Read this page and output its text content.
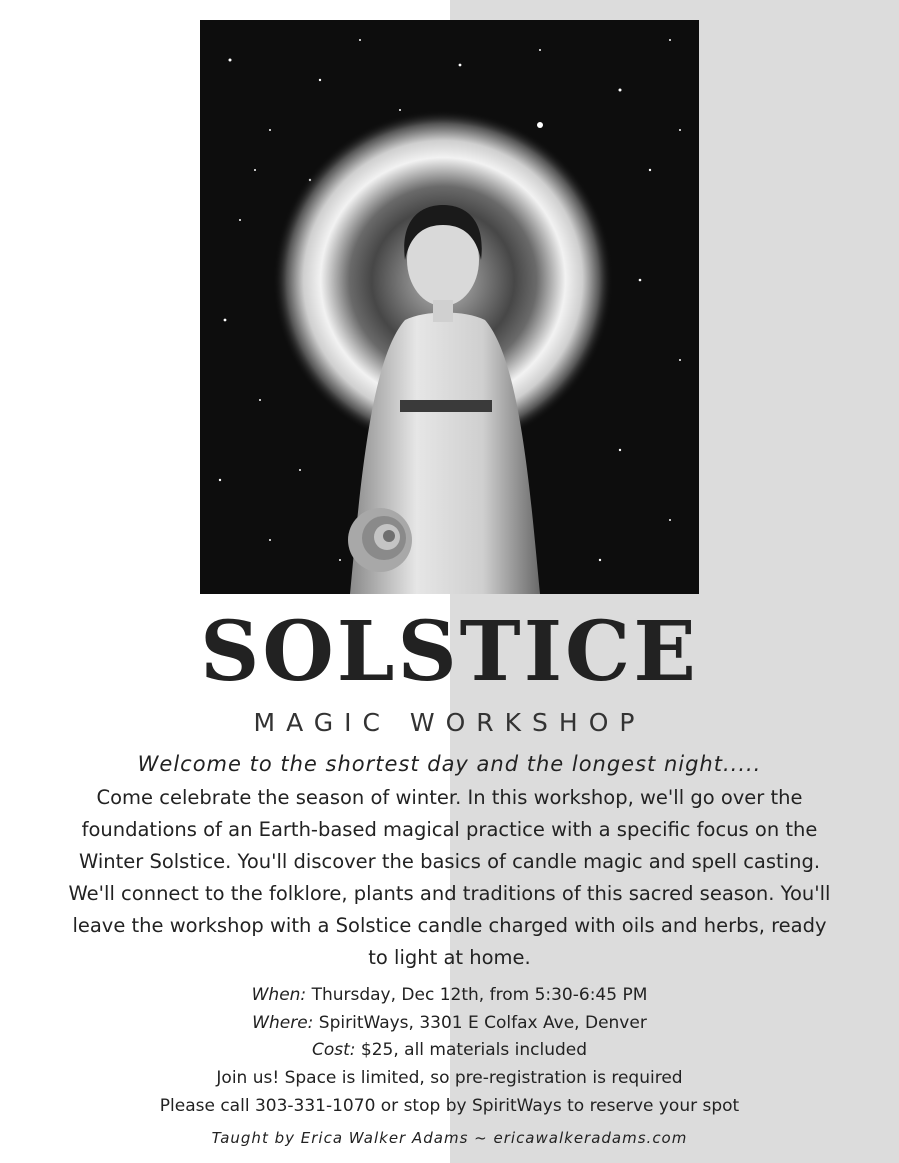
SOLSTICE
MAGIC WORKSHOP
Welcome to the shortest day and the longest night.....
Come celebrate the season of winter. In this workshop, we'll go over the
foundations of an Earth-based magical practice with a specific focus on the
Winter Solstice. You'll discover the basics of candle magic and spell casting.
We'll connect to the folklore, plants and traditions of this sacred season. You'll
leave the workshop with a Solstice candle charged with oils and herbs, ready
to light at home.
When: Thursday, Dec 12th, from 5:30-6:45 PM
Where: SpiritWays, 3301 E Colfax Ave, Denver
Cost: $25, all materials included
Join us! Space is limited, so pre-registration is required
Please call 303-331-1070 or stop by SpiritWays to reserve your spot
Taught by Erica Walker Adams ~ ericawalkeradams.com
